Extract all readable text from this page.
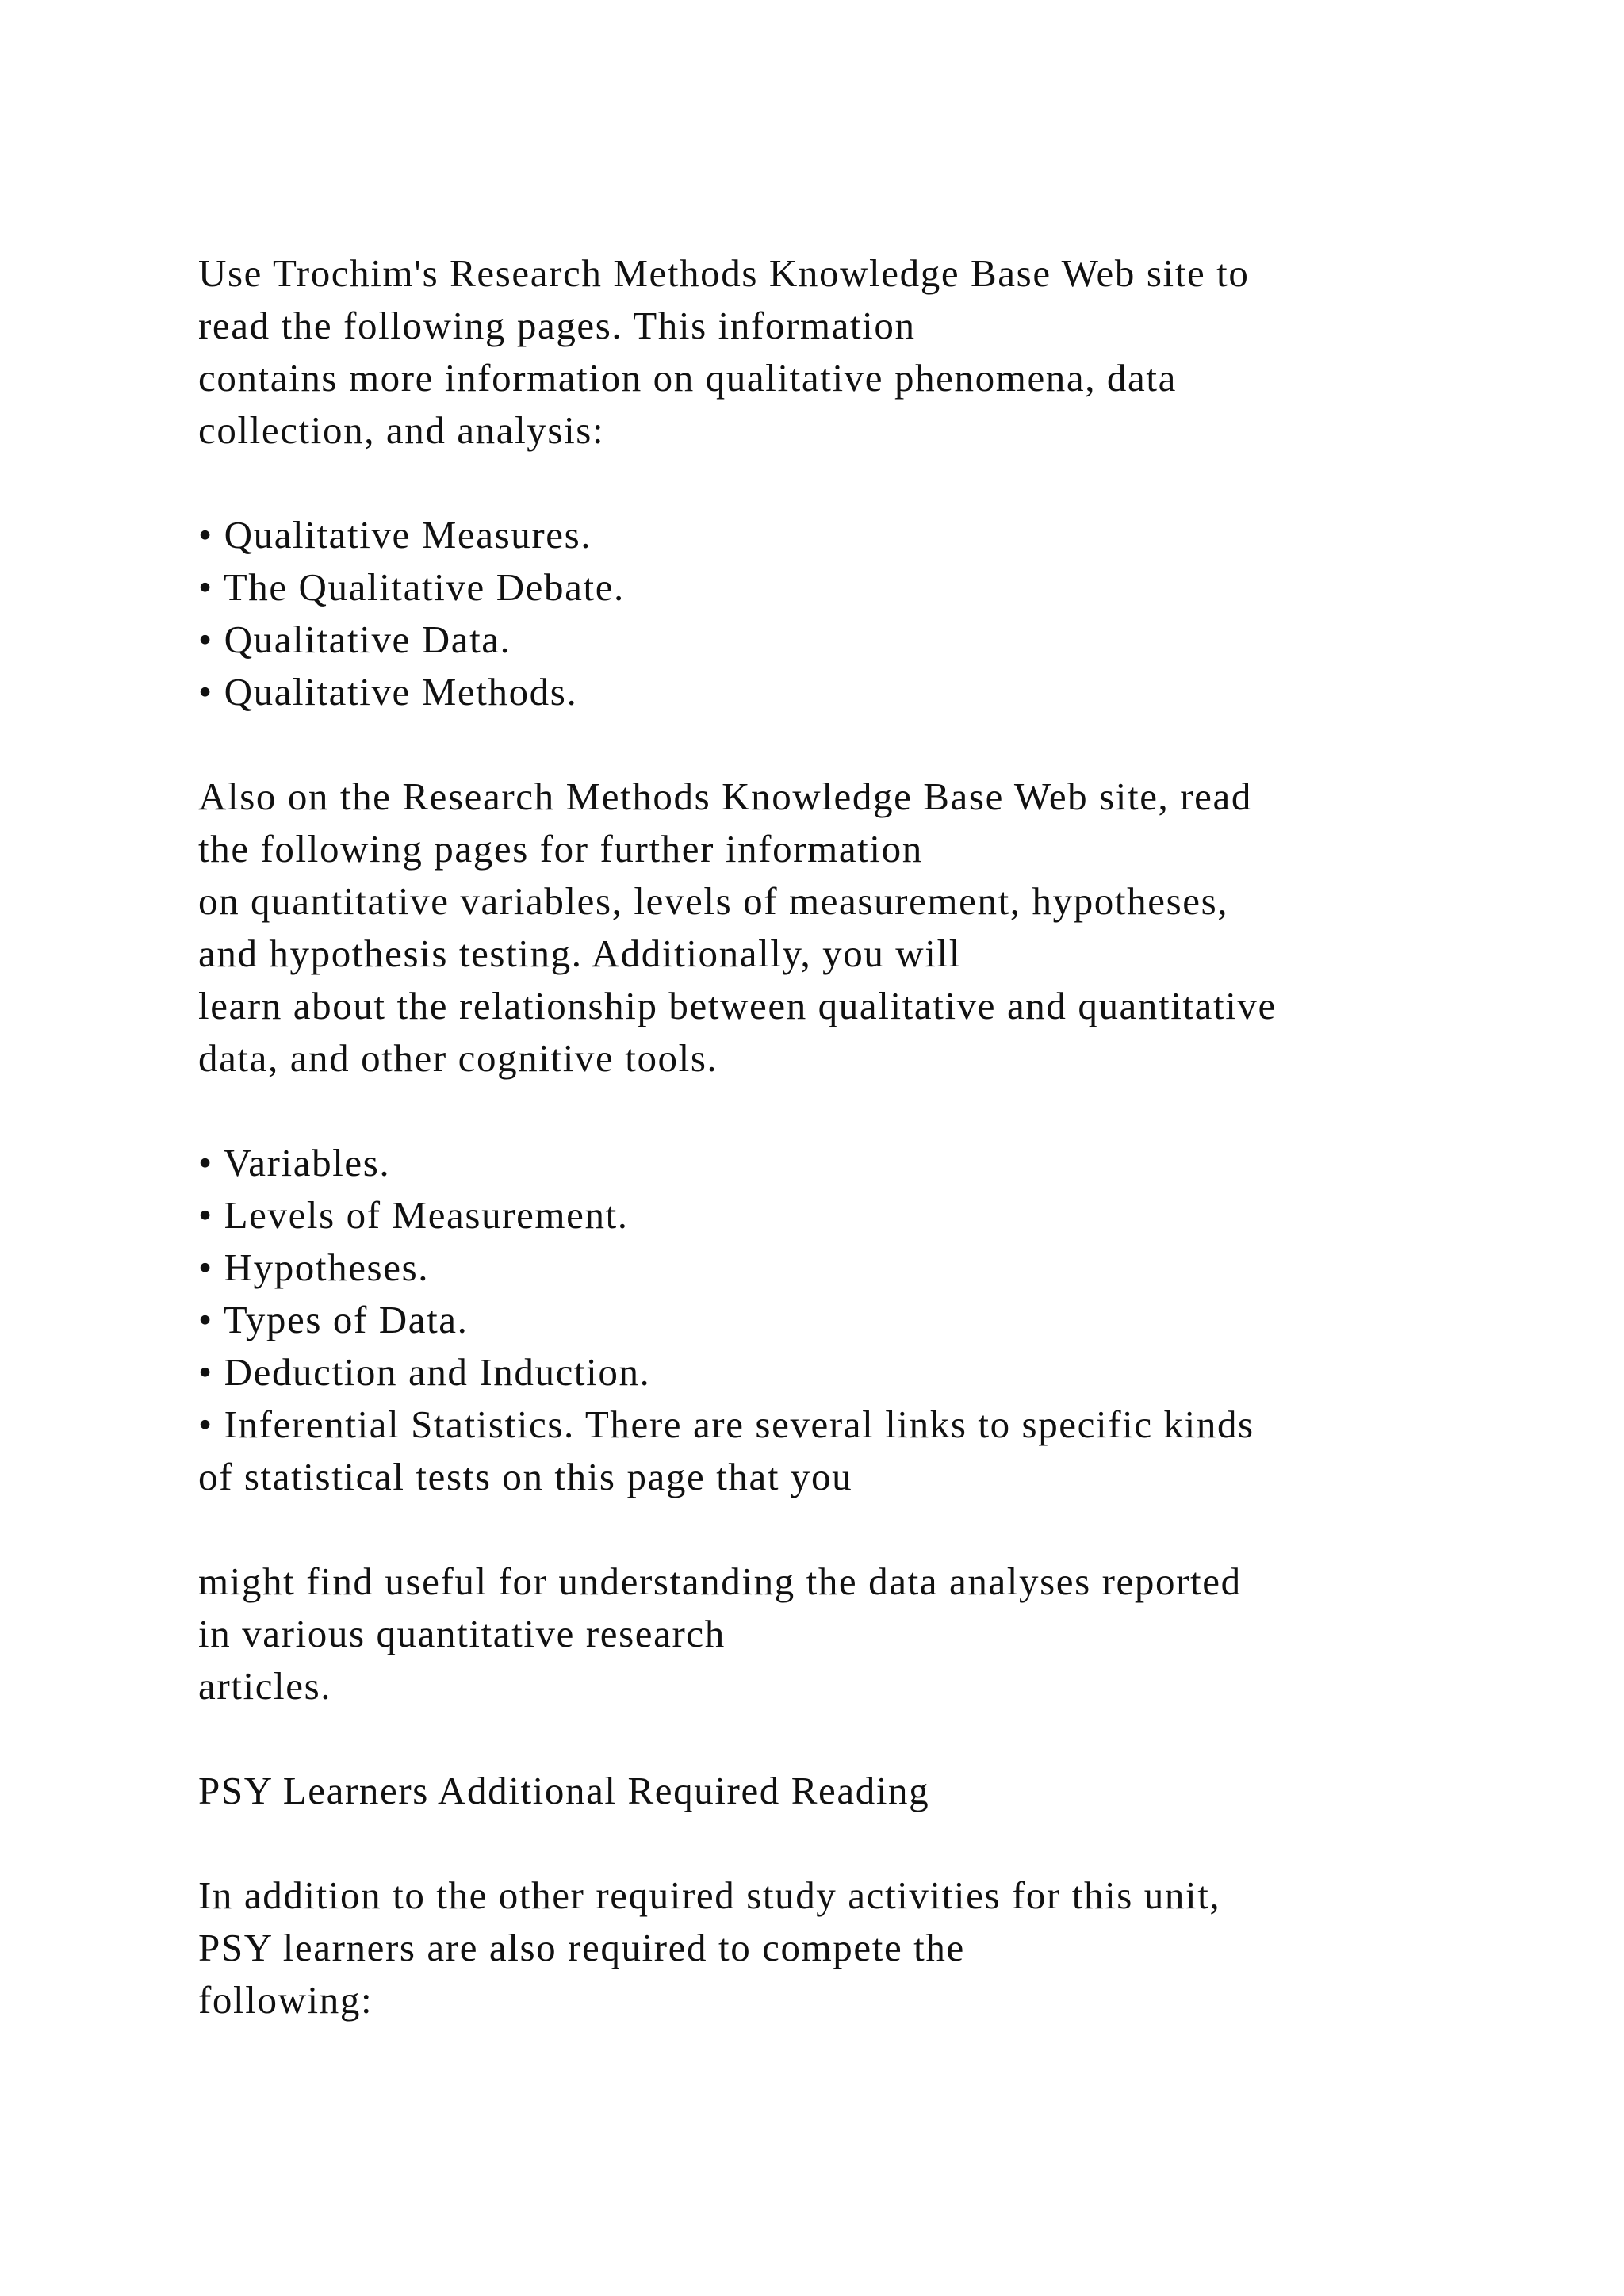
Use Trochim's Research Methods Knowledge Base Web site to
read the following pages. This information
contains more information on qualitative phenomena, data
collection, and analysis:
• Qualitative Measures.
• The Qualitative Debate.
• Qualitative Data.
• Qualitative Methods.
Also on the Research Methods Knowledge Base Web site, read
the following pages for further information
on quantitative variables, levels of measurement, hypotheses,
and hypothesis testing. Additionally, you will
learn about the relationship between qualitative and quantitative
data, and other cognitive tools.
• Variables.
• Levels of Measurement.
• Hypotheses.
• Types of Data.
• Deduction and Induction.
• Inferential Statistics. There are several links to specific kinds
of statistical tests on this page that you
might find useful for understanding the data analyses reported
in various quantitative research
articles.
PSY Learners Additional Required Reading
In addition to the other required study activities for this unit,
PSY learners are also required to compete the
following:
